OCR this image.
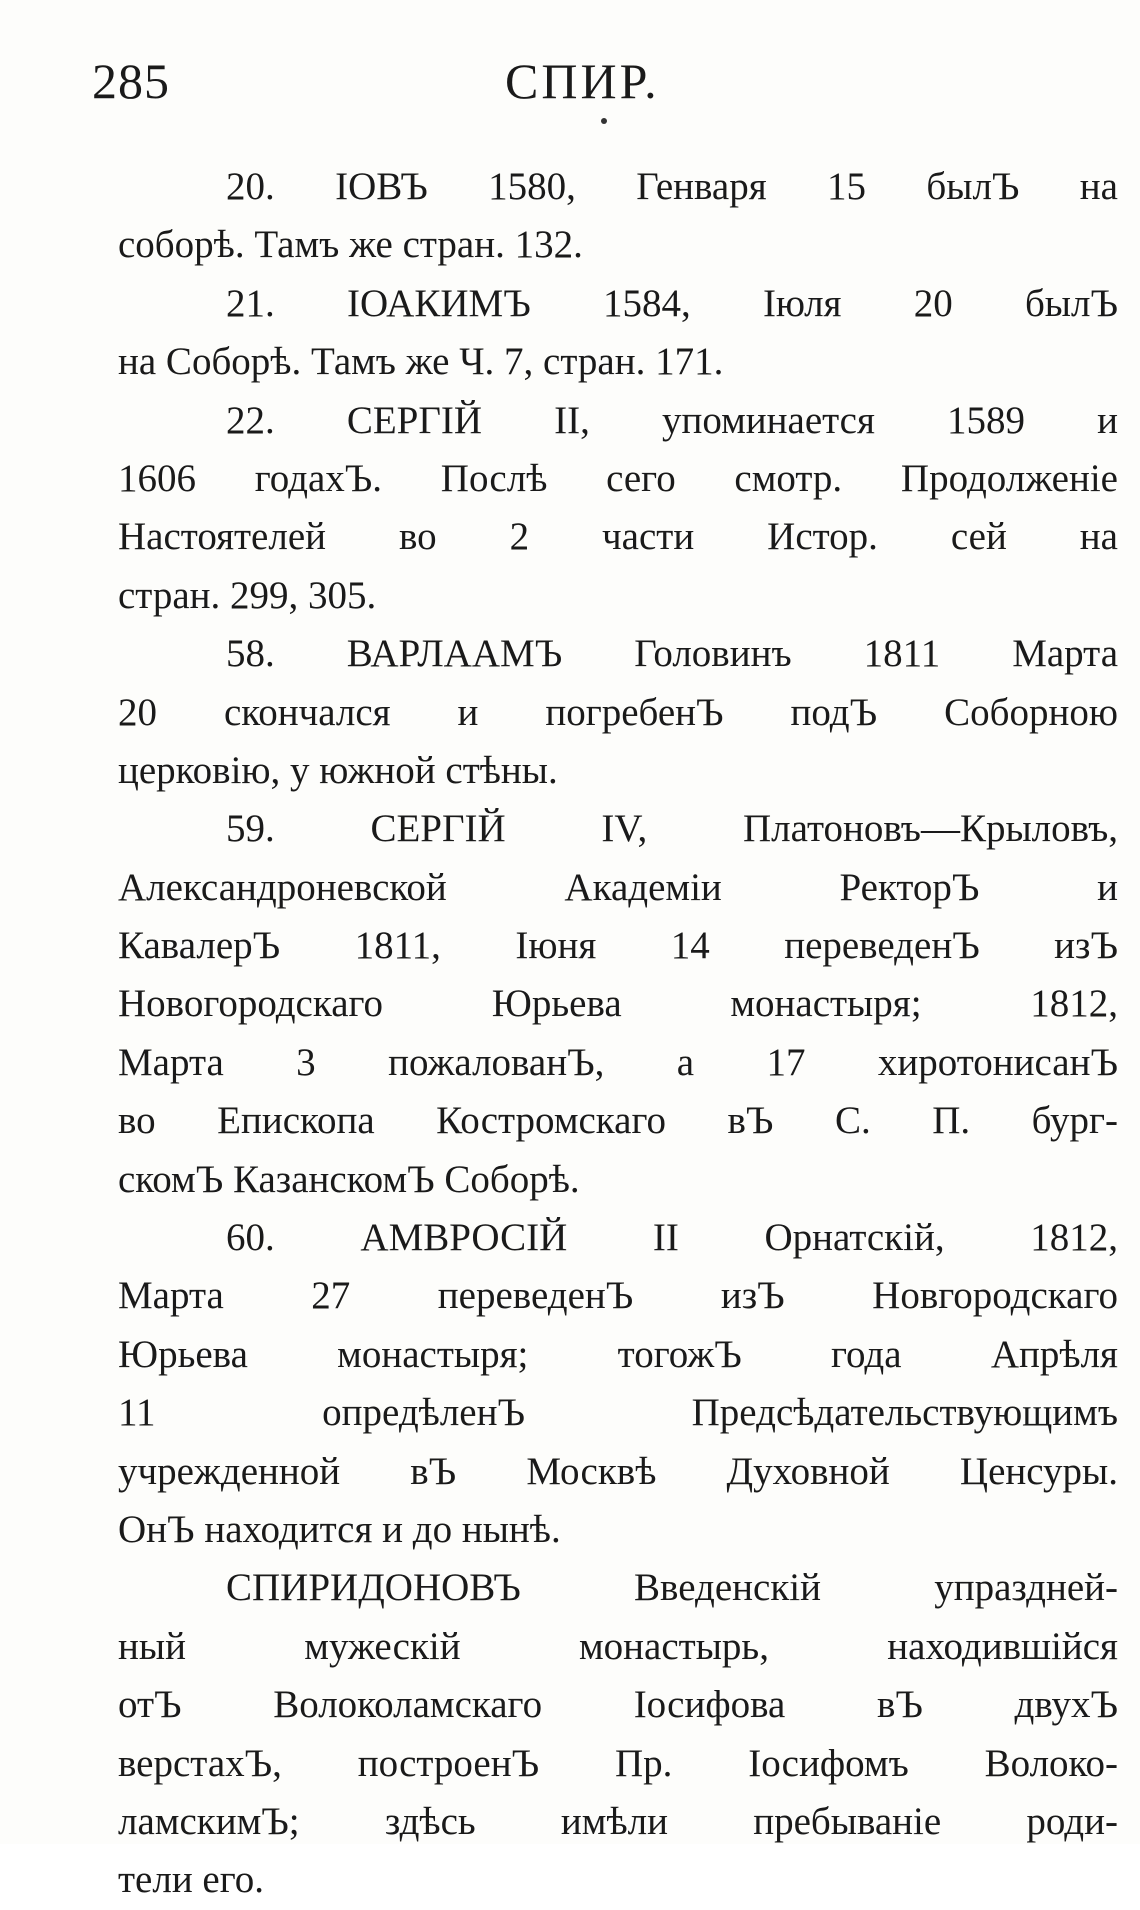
285	СПИР.
20. ІОВЪ 1580, Генваря 15 былЪ на
соборѣ. Тамъ же стран. 132.
21. ІОАКИМЪ 1584, Іюля 20 былЪ
на Соборѣ. Тамъ же Ч. 7, стран. 171.
22. СЕРГІЙ II, упоминается 1589 и
1606 годахЪ. Послѣ сего смотр. Продолженіе
Настоятелей во 2 части Истор. сей на
стран. 299, 305.
58. ВАРЛААМЪ Головинъ 1811 Марта
20 скончался и погребенЪ подЪ Соборною
церковію, у южной стѣны.
59. СЕРГІЙ IV, Платоновъ—Крыловъ,
Александроневской Академіи РекторЪ и
КавалерЪ 1811, Іюня 14 переведенЪ изЪ
Новогородскаго Юрьева монастыря; 1812,
Марта 3 пожалованЪ, а 17 хиротонисанЪ
во Епископа Костромскаго вЪ С. П. бург-
скомЪ КазанскомЪ Соборѣ.
60. АМВРОСІЙ II Орнатскій, 1812,
Марта 27 переведенЪ изЪ Новгородскаго
Юрьева монастыря; тогожЪ года Апрѣля
11 опредѣленЪ Предсѣдательствующимъ
учрежденной вЪ Москвѣ Духовной Ценсуры.
ОнЪ находится и до нынѣ.
СПИРИДОНОВЪ Введенскій упраздней-
ный мужескій монастырь, находившійся
отЪ Волоколамскаго Іосифова вЪ двухЪ
верстахЪ, построенЪ Пр. Іосифомъ Волоко-
ламскимЪ; здѣсь имѣли пребываніе роди-
тели его.
